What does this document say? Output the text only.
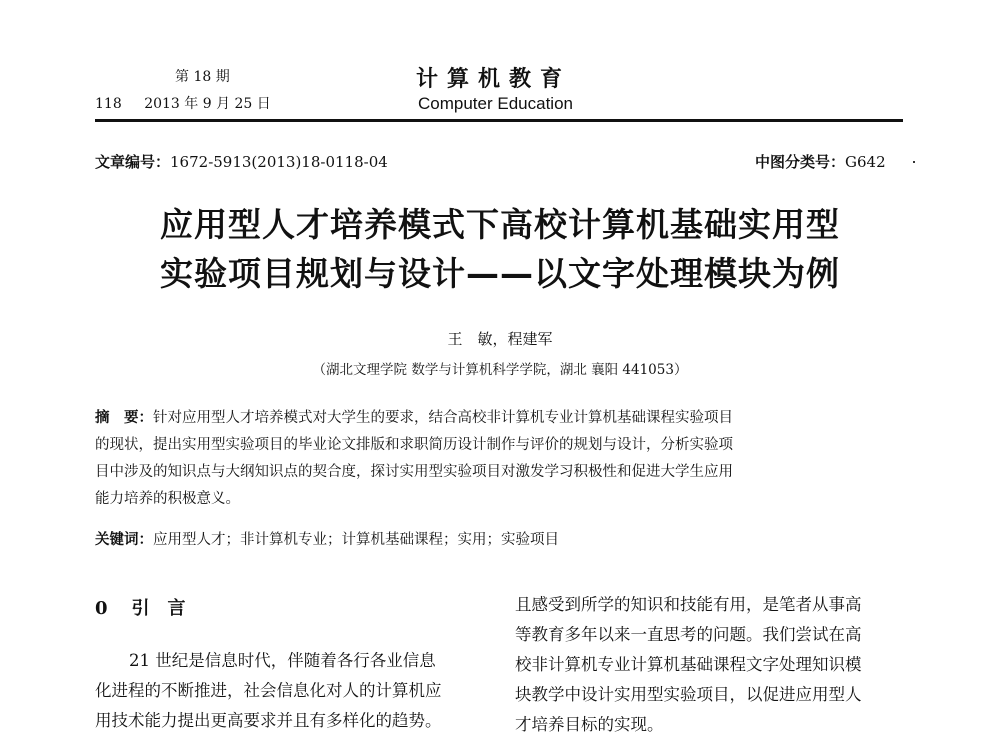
第 18 期
118 2013 年 9 月 25 日
计算机教育
Computer Education
文章编号：1672-5913(2013)18-0118-04	中图分类号：G642
应用型人才培养模式下高校计算机基础实用型
实验项目规划与设计——以文字处理模块为例
王　敏，程建军
（湖北文理学院 数学与计算机科学学院，湖北 襄阳 441053）
摘　要：针对应用型人才培养模式对大学生的要求，结合高校非计算机专业计算机基础课程实验项目
的现状，提出实用型实验项目的毕业论文排版和求职简历设计制作与评价的规划与设计，分析实验项
目中涉及的知识点与大纲知识点的契合度，探讨实用型实验项目对激发学习积极性和促进大学生应用
能力培养的积极意义。
关键词：应用型人才；非计算机专业；计算机基础课程；实用；实验项目
0 引　言
21 世纪是信息时代，伴随着各行各业信息
化进程的不断推进，社会信息化对人的计算机应
用技术能力提出更高要求并且有多样化的趋势。
且感受到所学的知识和技能有用，是笔者从事高
等教育多年以来一直思考的问题。我们尝试在高
校非计算机专业计算机基础课程文字处理知识模
块教学中设计实用型实验项目，以促进应用型人
才培养目标的实现。
